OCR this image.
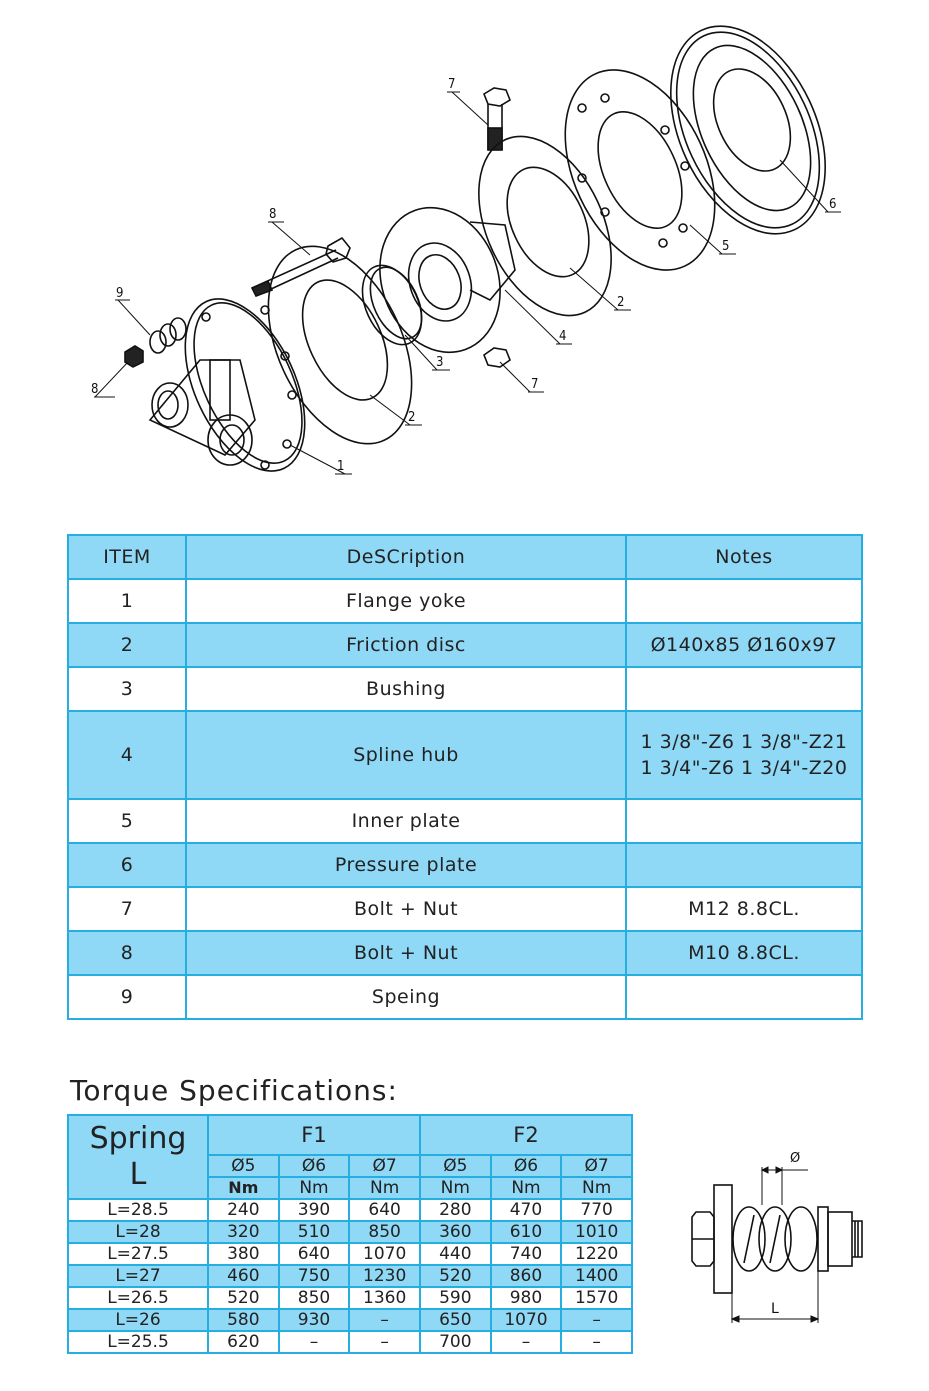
1
2
2
3
4
5
6
7
7
8
8
9
ITEM	DeSCription	Notes
1	Flange yoke	
2	Friction disc	Ø140x85 Ø160x97
3	Bushing	
4	Spline hub	1 3/8"-Z6 1 3/8"-Z21
1 3/4"-Z6 1 3/4"-Z20

5	Inner plate	
6	Pressure plate	
7	Bolt + Nut	M12 8.8CL.
8	Bolt + Nut	M10 8.8CL.
9	Speing	
Torque Specifications:
Spring
L	F1			F2		
	Ø5	Ø6	Ø7	Ø5	Ø6	Ø7
	Nm	Nm	Nm	Nm	Nm	Nm
L=28.5	240	390	640	280	470	770
L=28	320	510	850	360	610	1010
L=27.5	380	640	1070	440	740	1220
L=27	460	750	1230	520	860	1400
L=26.5	520	850	1360	590	980	1570
L=26	580	930	–	650	1070	–
L=25.5	620	–	–	700	–	–
Ø
L
